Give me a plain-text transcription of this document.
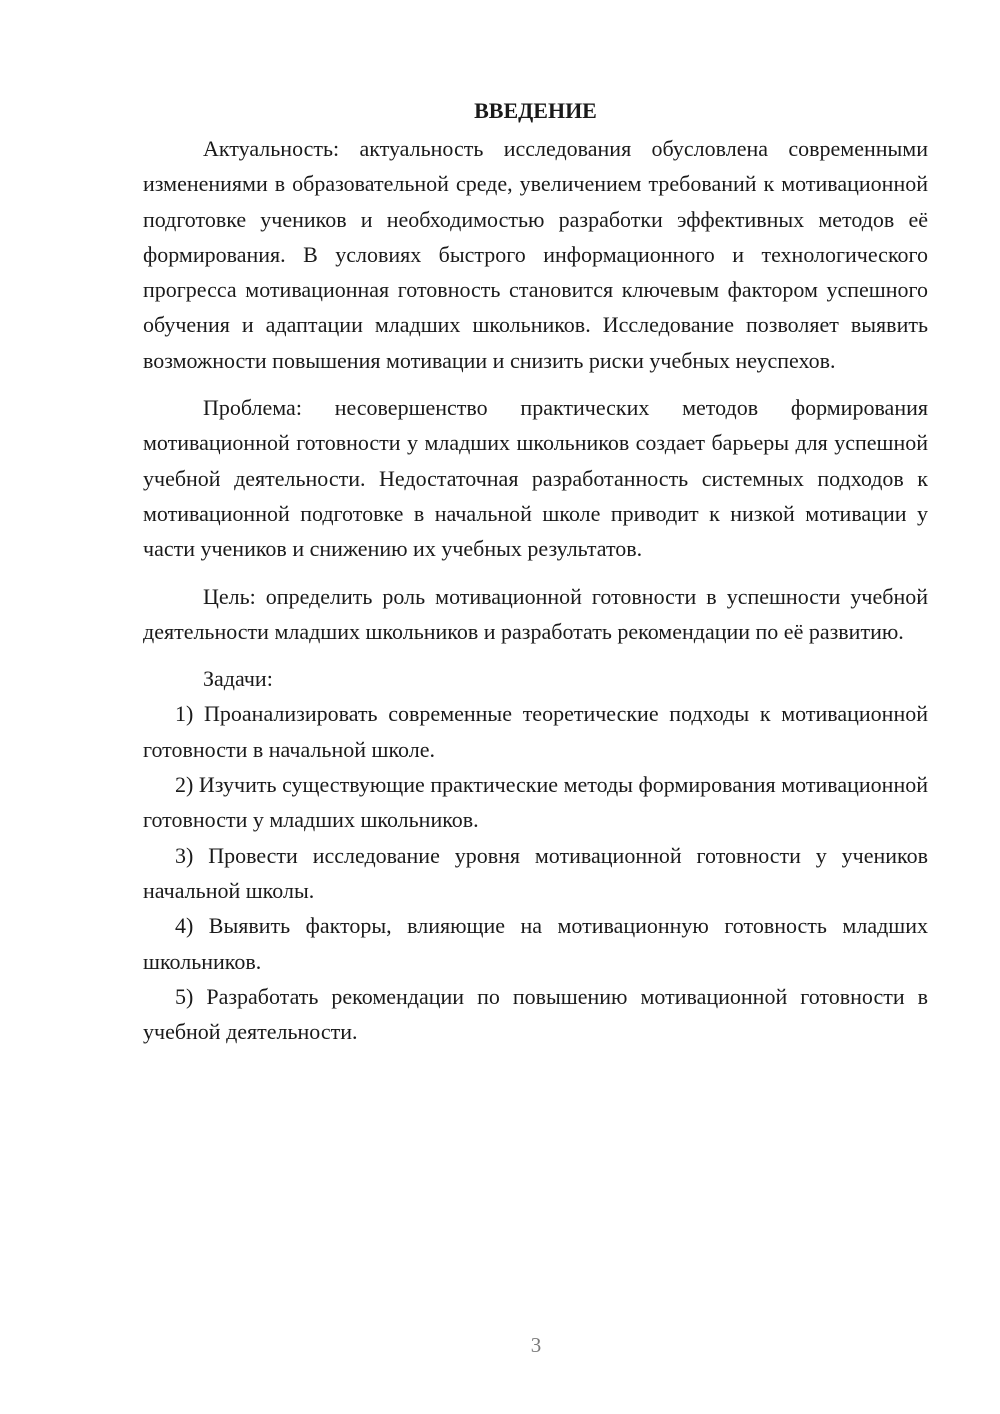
ВВЕДЕНИЕ

Актуальность: актуальность исследования обусловлена современными изменениями в образовательной среде, увеличением требований к мотивационной подготовке учеников и необходимостью разработки эффективных методов её формирования. В условиях быстрого информационного и технологического прогресса мотивационная готовность становится ключевым фактором успешного обучения и адаптации младших школьников. Исследование позволяет выявить возможности повышения мотивации и снизить риски учебных неуспехов.

Проблема: несовершенство практических методов формирования мотивационной готовности у младших школьников создает барьеры для успешной учебной деятельности. Недостаточная разработанность системных подходов к мотивационной подготовке в начальной школе приводит к низкой мотивации у части учеников и снижению их учебных результатов.

Цель: определить роль мотивационной готовности в успешности учебной деятельности младших школьников и разработать рекомендации по её развитию.

Задачи:

1) Проанализировать современные теоретические подходы к мотивационной готовности в начальной школе.

2) Изучить существующие практические методы формирования мотивационной готовности у младших школьников.

3) Провести исследование уровня мотивационной готовности у учеников начальной школы.

4) Выявить факторы, влияющие на мотивационную готовность младших школьников.

5) Разработать рекомендации по повышению мотивационной готовности в учебной деятельности.

3
